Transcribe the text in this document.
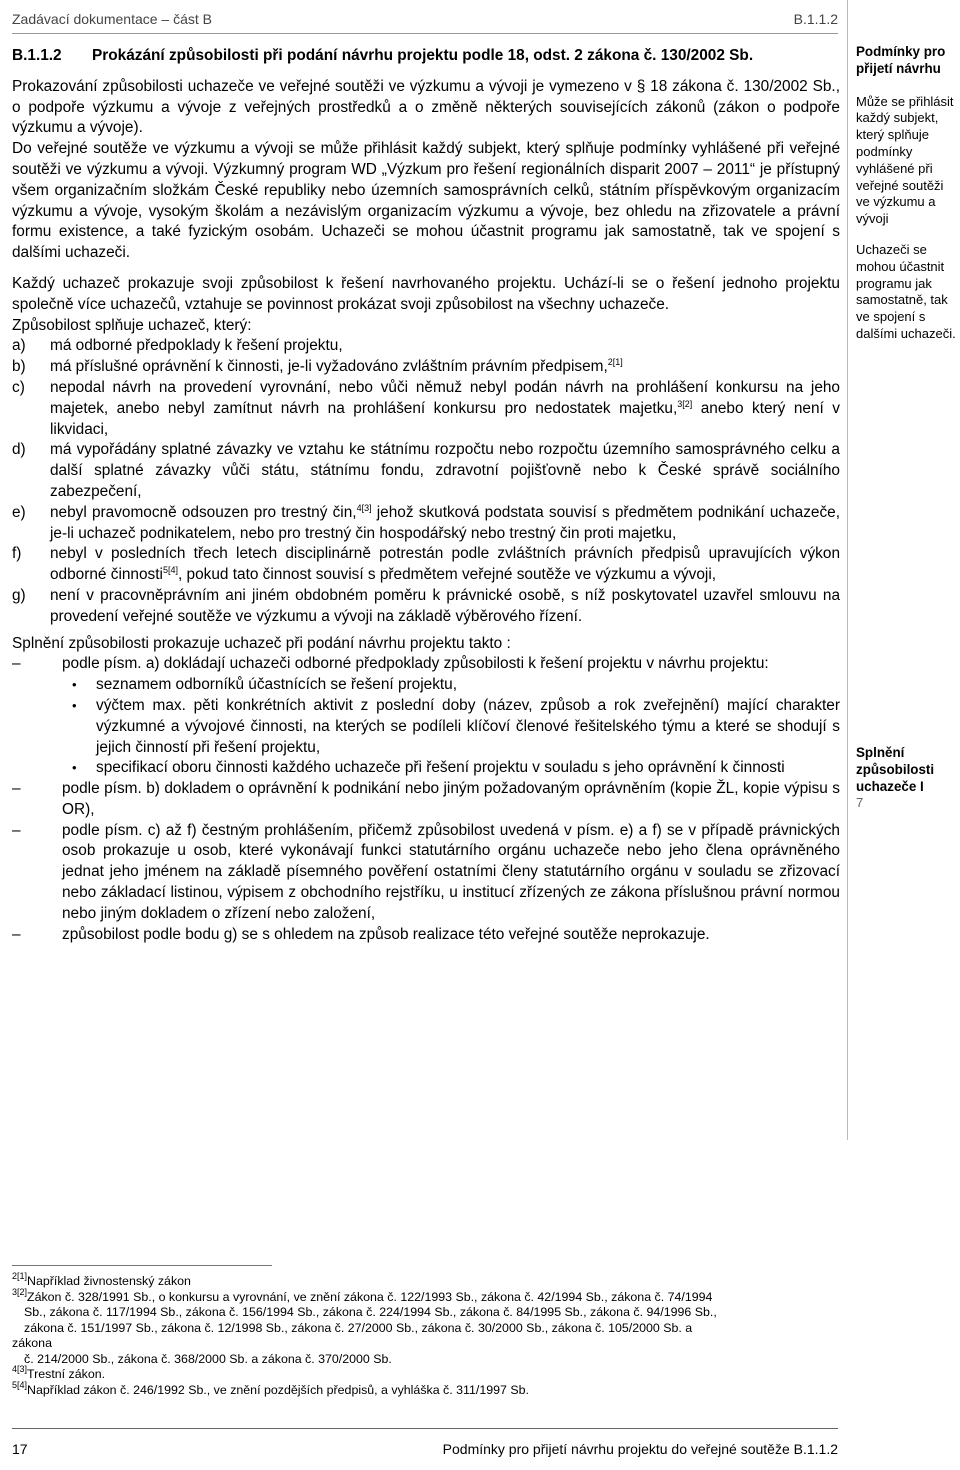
Zadávací dokumentace – část B	B.1.1.2
B.1.1.2	Prokázání způsobilosti při podání návrhu projektu podle 18, odst. 2 zákona č. 130/2002 Sb.

Prokazování způsobilosti uchazeče ve veřejné soutěži ve výzkumu a vývoji je vymezeno v § 18 zákona č. 130/2002 Sb., o podpoře výzkumu a vývoje z veřejných prostředků a o změně některých souvisejících zákonů (zákon o podpoře výzkumu a vývoje).

Do veřejné soutěže ve výzkumu a vývoji se může přihlásit každý subjekt, který splňuje podmínky vyhlášené při veřejné soutěži ve výzkumu a vývoji. Výzkumný program WD „Výzkum pro řešení regionálních disparit 2007 – 2011“ je přístupný všem organizačním složkám České republiky nebo územních samosprávních celků, státním příspěvkovým organizacím výzkumu a vývoje, vysokým školám a nezávislým organizacím výzkumu a vývoje, bez ohledu na zřizovatele a právní formu existence, a také fyzickým osobám. Uchazeči se mohou účastnit programu jak samostatně, tak ve spojení s dalšími uchazeči.

Každý uchazeč prokazuje svoji způsobilost k řešení navrhovaného projektu. Uchází-li se o řešení jednoho projektu společně více uchazečů, vztahuje se povinnost prokázat svoji způsobilost na všechny uchazeče.

Způsobilost splňuje uchazeč, který:

a)	má odborné předpoklady k řešení projektu,
b)	má příslušné oprávnění k činnosti, je-li vyžadováno zvláštním právním předpisem,$^{2[1]}$
c)	nepodal návrh na provedení vyrovnání, nebo vůči němuž nebyl podán návrh na prohlášení konkursu na jeho majetek, anebo nebyl zamítnut návrh na prohlášení konkursu pro nedostatek majetku,$^{3[2]}$ anebo který není v likvidaci,
d)	má vypořádány splatné závazky ve vztahu ke státnímu rozpočtu nebo rozpočtu územního samosprávného celku a další splatné závazky vůči státu, státnímu fondu, zdravotní pojišťovně nebo k České správě sociálního zabezpečení,
e)	nebyl pravomocně odsouzen pro trestný čin,$^{4[3]}$ jehož skutková podstata souvisí s předmětem podnikání uchazeče, je-li uchazeč podnikatelem, nebo pro trestný čin hospodářský nebo trestný čin proti majetku,
f)	nebyl v posledních třech letech disciplinárně potrestán podle zvláštních právních předpisů upravujících výkon odborné činnosti$^{5[4]}$, pokud tato činnost souvisí s předmětem veřejné soutěže ve výzkumu a vývoji,
g)	není v pracovněprávním ani jiném obdobném poměru k právnické osobě, s níž poskytovatel uzavřel smlouvu na provedení veřejné soutěže ve výzkumu a vývoji na základě výběrového řízení.

Splnění způsobilosti prokazuje uchazeč při podání návrhu projektu takto :

–	podle písm. a) dokládají uchazeči odborné předpoklady způsobilosti k řešení projektu v návrhu projektu:
•	seznamem odborníků účastnících se řešení projektu,
•	výčtem max. pěti konkrétních aktivit z poslední doby (název, způsob a rok zveřejnění) mající charakter výzkumné a vývojové činnosti, na kterých se podíleli klíčoví členové řešitelského týmu a které se shodují s jejich činností při řešení projektu,
•	specifikací oboru činnosti každého uchazeče při řešení projektu v souladu s jeho oprávnění k činnosti
–	podle písm. b) dokladem o oprávnění k podnikání nebo jiným požadovaným oprávněním (kopie ŽL, kopie výpisu s OR),
–	podle písm. c) až f) čestným prohlášením, přičemž způsobilost uvedená v písm. e) a f) se v případě právnických osob prokazuje u osob, které vykonávají funkci statutárního orgánu uchazeče nebo jeho člena oprávněného jednat jeho jménem na základě písemného pověření ostatními členy statutárního orgánu v souladu se zřizovací nebo základací listinou, výpisem z obchodního rejstříku, u institucí zřízených ze zákona příslušnou právní normou nebo jiným dokladem o zřízení nebo založení,
–	způsobilost podle bodu g) se s ohledem na způsob realizace této veřejné soutěže neprokazuje.

Podmínky pro přijetí návrhu

Může se přihlásit každý subjekt, který splňuje podmínky vyhlášené při veřejné soutěži ve výzkumu a vývoji

Uchazeči se mohou účastnit programu jak samostatně, tak ve spojení s dalšími uchazeči.

Splnění způsobilosti uchazeče I

7

$^{2[1]}$Například živnostenský zákon

$^{3[2]}$Zákon č. 328/1991 Sb., o konkursu a vyrovnání, ve znění zákona č. 122/1993 Sb., zákona č. 42/1994 Sb., zákona č. 74/1994

Sb., zákona č. 117/1994 Sb., zákona č. 156/1994 Sb., zákona č. 224/1994 Sb., zákona č. 84/1995 Sb., zákona č. 94/1996 Sb.,

zákona č. 151/1997 Sb., zákona č. 12/1998 Sb., zákona č. 27/2000 Sb., zákona č. 30/2000 Sb., zákona č. 105/2000 Sb. a

zákona

č. 214/2000 Sb., zákona č. 368/2000 Sb. a zákona č. 370/2000 Sb.

$^{4[3]}$Trestní zákon.

$^{5[4]}$Například zákon č. 246/1992 Sb., ve znění pozdějších předpisů, a vyhláška č. 311/1997 Sb.

17	Podmínky pro přijetí návrhu projektu do veřejné soutěže B.1.1.2
